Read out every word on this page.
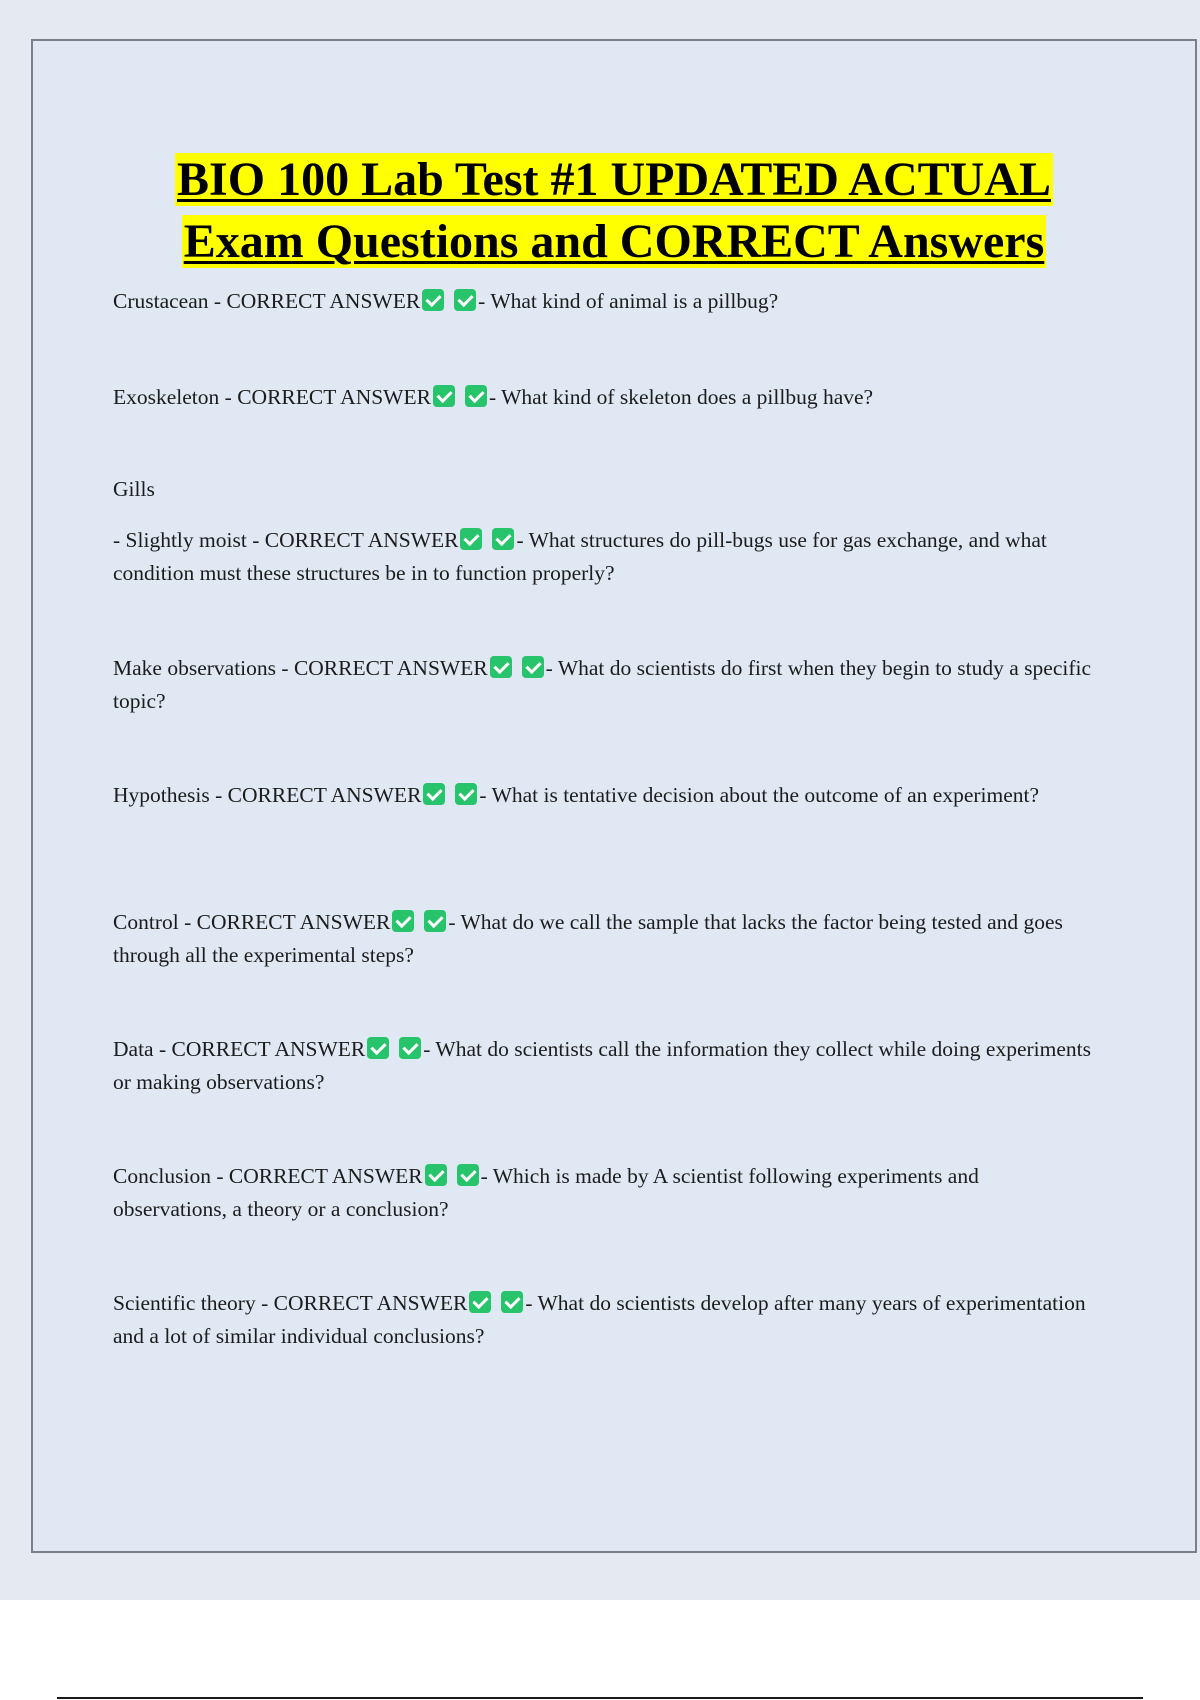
BIO 100 Lab Test #1 UPDATED ACTUAL
Exam Questions and CORRECT Answers
Crustacean - CORRECT ANSWER	- What kind of animal is a pillbug?
Exoskeleton - CORRECT ANSWER	- What kind of skeleton does a pillbug have?
Gills
- Slightly moist - CORRECT ANSWER	- What structures do pill-bugs use for gas exchange, and what condition must these structures be in to function properly?
Make observations - CORRECT ANSWER	- What do scientists do first when they begin to study a specific topic?
Hypothesis - CORRECT ANSWER	- What is tentative decision about the outcome of an experiment?
Control - CORRECT ANSWER	- What do we call the sample that lacks the factor being tested and goes through all the experimental steps?
Data - CORRECT ANSWER	- What do scientists call the information they collect while doing experiments or making observations?
Conclusion - CORRECT ANSWER	- Which is made by A scientist following experiments and observations, a theory or a conclusion?
Scientific theory - CORRECT ANSWER	- What do scientists develop after many years of experimentation and a lot of similar individual conclusions?
